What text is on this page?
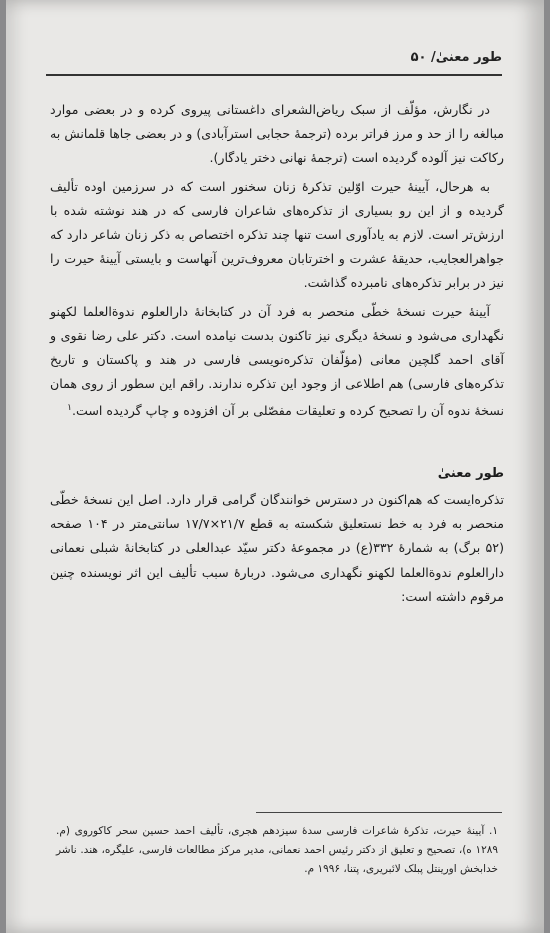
طور معنیٰ/ ۵۰

در نگارش، مؤلّف از سبک ریاض‌الشعرای داغستانی پیروی کرده و در بعضی موارد مبالغه را از حد و مرز فراتر برده (ترجمهٔ حجابی استرآبادی) و در بعضی جاها قلمانش به رکاکت نیز آلوده گردیده است (ترجمهٔ نهانی دختر یادگار).

به هرحال، آیینهٔ حیرت اوّلین تذکرهٔ زنان سخنور است که در سرزمین اوده تألیف گردیده و از این رو بسیاری از تذکره‌های شاعران فارسی که در هند نوشته شده با ارزش‌تر است. لازم به یادآوری است تنها چند تذکره اختصاص به ذکر زنان شاعر دارد که جواهرالعجایب، حدیقهٔ عشرت و اخترتابان معروف‌ترین آنهاست و بایستی آیینهٔ حیرت را نیز در برابر تذکره‌های نامبرده گذاشت.

آیینهٔ حیرت نسخهٔ خطّی منحصر به فرد آن در کتابخانهٔ دارالعلوم ندوة‌العلما لکهنو نگهداری می‌شود و نسخهٔ دیگری نیز تاکنون بدست نیامده است. دکتر علی رضا نقوی و آقای احمد گلچین معانی (مؤلّفان تذکره‌نویسی فارسی در هند و پاکستان و تاریخ تذکره‌های فارسی) هم اطلاعی از وجود این تذکره ندارند. راقم این سطور از روی همان نسخهٔ ندوه آن را تصحیح کرده و تعلیقات مفصّلی بر آن افزوده و چاپ گردیده است.$^۱$

طور معنیٰ

تذکره‌ایست که هم‌اکنون در دسترس خوانندگان گرامی قرار دارد. اصل این نسخهٔ خطّی منحصر به فرد به خط نستعلیق شکسته به قطع ۲۱/۷×۱۷/۷ سانتی‌متر در ۱۰۴ صفحه (۵۲ برگ) به شمارهٔ ۳۳۲(ع) در مجموعهٔ دکتر سیّد عبدالعلی در کتابخانهٔ شبلی نعمانی دارالعلوم ندوة‌العلما لکهنو نگهداری می‌شود. دربارهٔ سبب تألیف این اثر نویسنده چنین مرقوم داشته است:

۱. آیینهٔ حیرت، تذکرهٔ شاعرات فارسی سدهٔ سیزدهم هجری، تألیف احمد حسین سحر کاکوروی (م. ۱۲۸۹ ه)، تصحیح و تعلیق از دکتر رئیس احمد نعمانی، مدیر مرکز مطالعات فارسی، علیگره، هند. ناشر خدابخش اورینتل پبلک لائبریری، پتنا، ۱۹۹۶ م.
